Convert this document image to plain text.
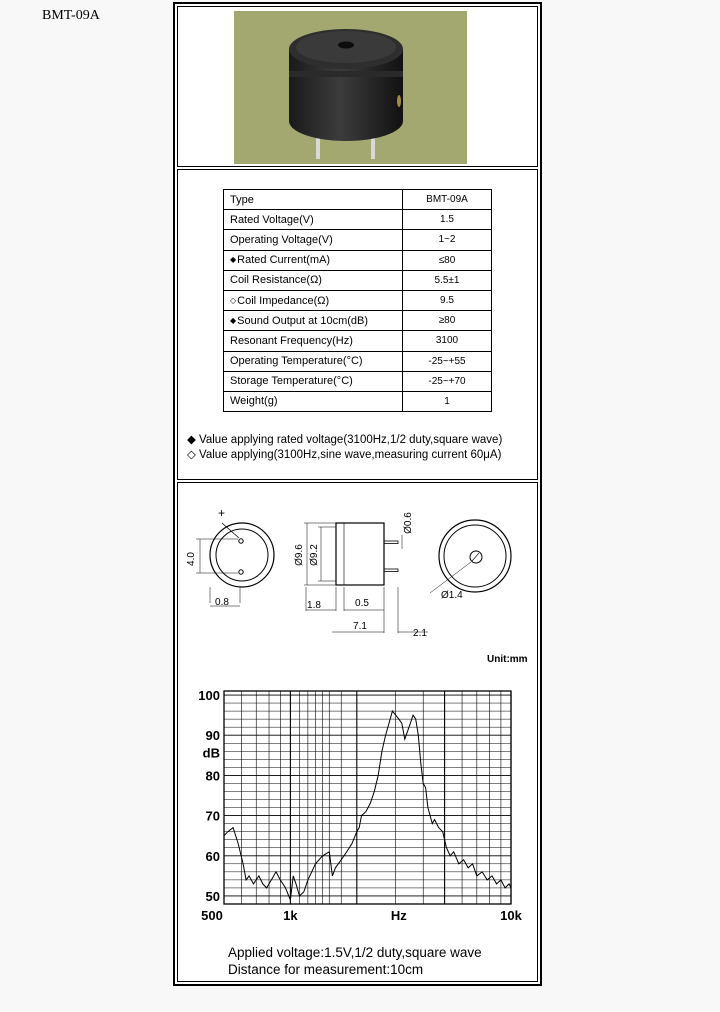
BMT-09A
Type	BMT-09A
Rated Voltage(V)	1.5
Operating Voltage(V)	1~2
◆Rated Current(mA)	≤80
Coil Resistance(Ω)	5.5±1
◇Coil Impedance(Ω)	9.5
◆Sound Output at 10cm(dB)	≥80
Resonant Frequency(Hz)	3100
Operating Temperature(°C)	-25~+55
Storage Temperature(°C)	-25~+70
Weight(g)	1
◆ Value applying rated voltage(3100Hz,1/2 duty,square wave)
◇ Value applying(3100Hz,sine wave,measuring current 60μA)
+
4.0
0.8
Ø9.6 Ø9.2
Ø0.6
1.8	0.5
7.1
2.1
Ø1.4
Unit:mm
100
90
80
70
60
50
500	1k	Hz	10k
dB
Applied voltage:1.5V,1/2 duty,square wave
Distance for measurement:10cm
